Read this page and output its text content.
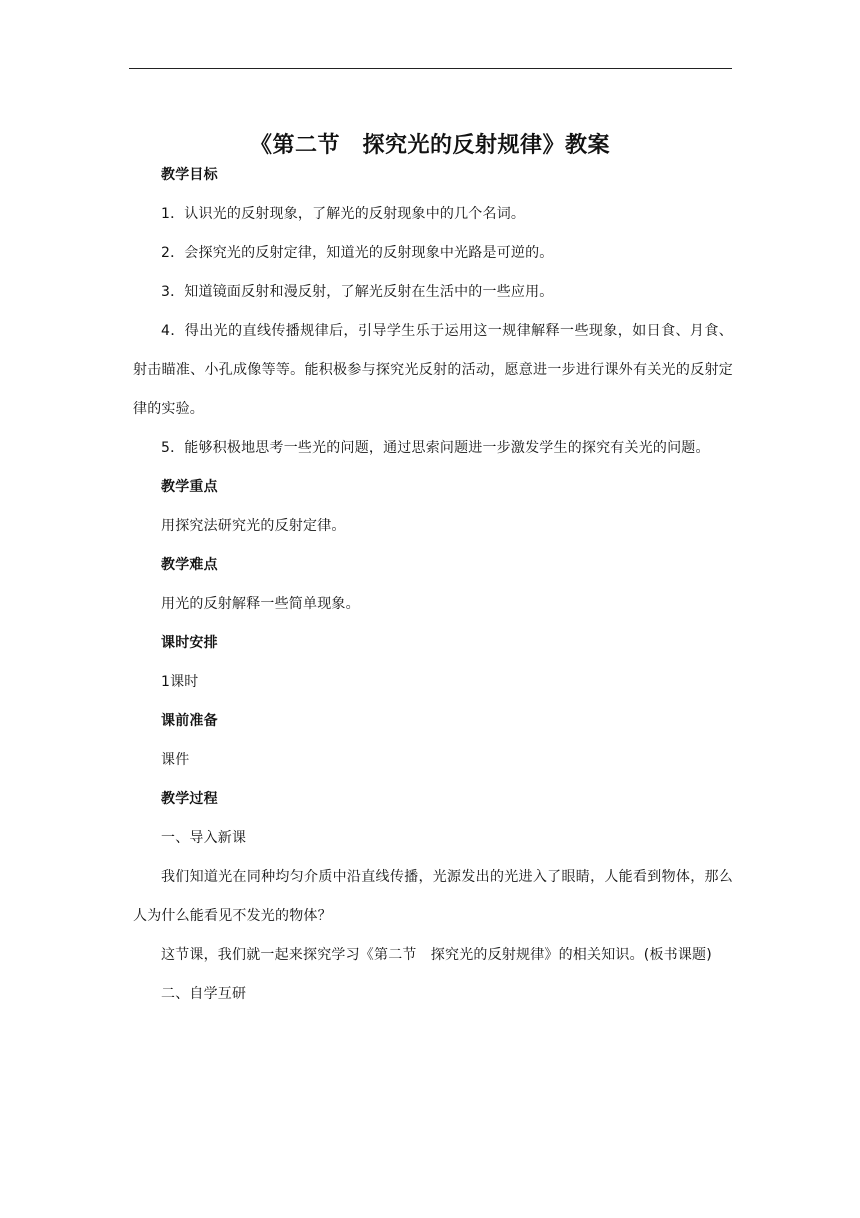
《第二节　探究光的反射规律》教案

教学目标

1．认识光的反射现象，了解光的反射现象中的几个名词。

2．会探究光的反射定律，知道光的反射现象中光路是可逆的。

3．知道镜面反射和漫反射，了解光反射在生活中的一些应用。

4．得出光的直线传播规律后，引导学生乐于运用这一规律解释一些现象，如日食、月食、射击瞄准、小孔成像等等。能积极参与探究光反射的活动，愿意进一步进行课外有关光的反射定律的实验。

5．能够积极地思考一些光的问题，通过思索问题进一步激发学生的探究有关光的问题。

教学重点

用探究法研究光的反射定律。

教学难点

用光的反射解释一些简单现象。

课时安排

1课时

课前准备

课件

教学过程

一、导入新课

我们知道光在同种均匀介质中沿直线传播，光源发出的光进入了眼睛，人能看到物体，那么人为什么能看见不发光的物体？

这节课，我们就一起来探究学习《第二节　探究光的反射规律》的相关知识。(板书课题)

二、自学互研
